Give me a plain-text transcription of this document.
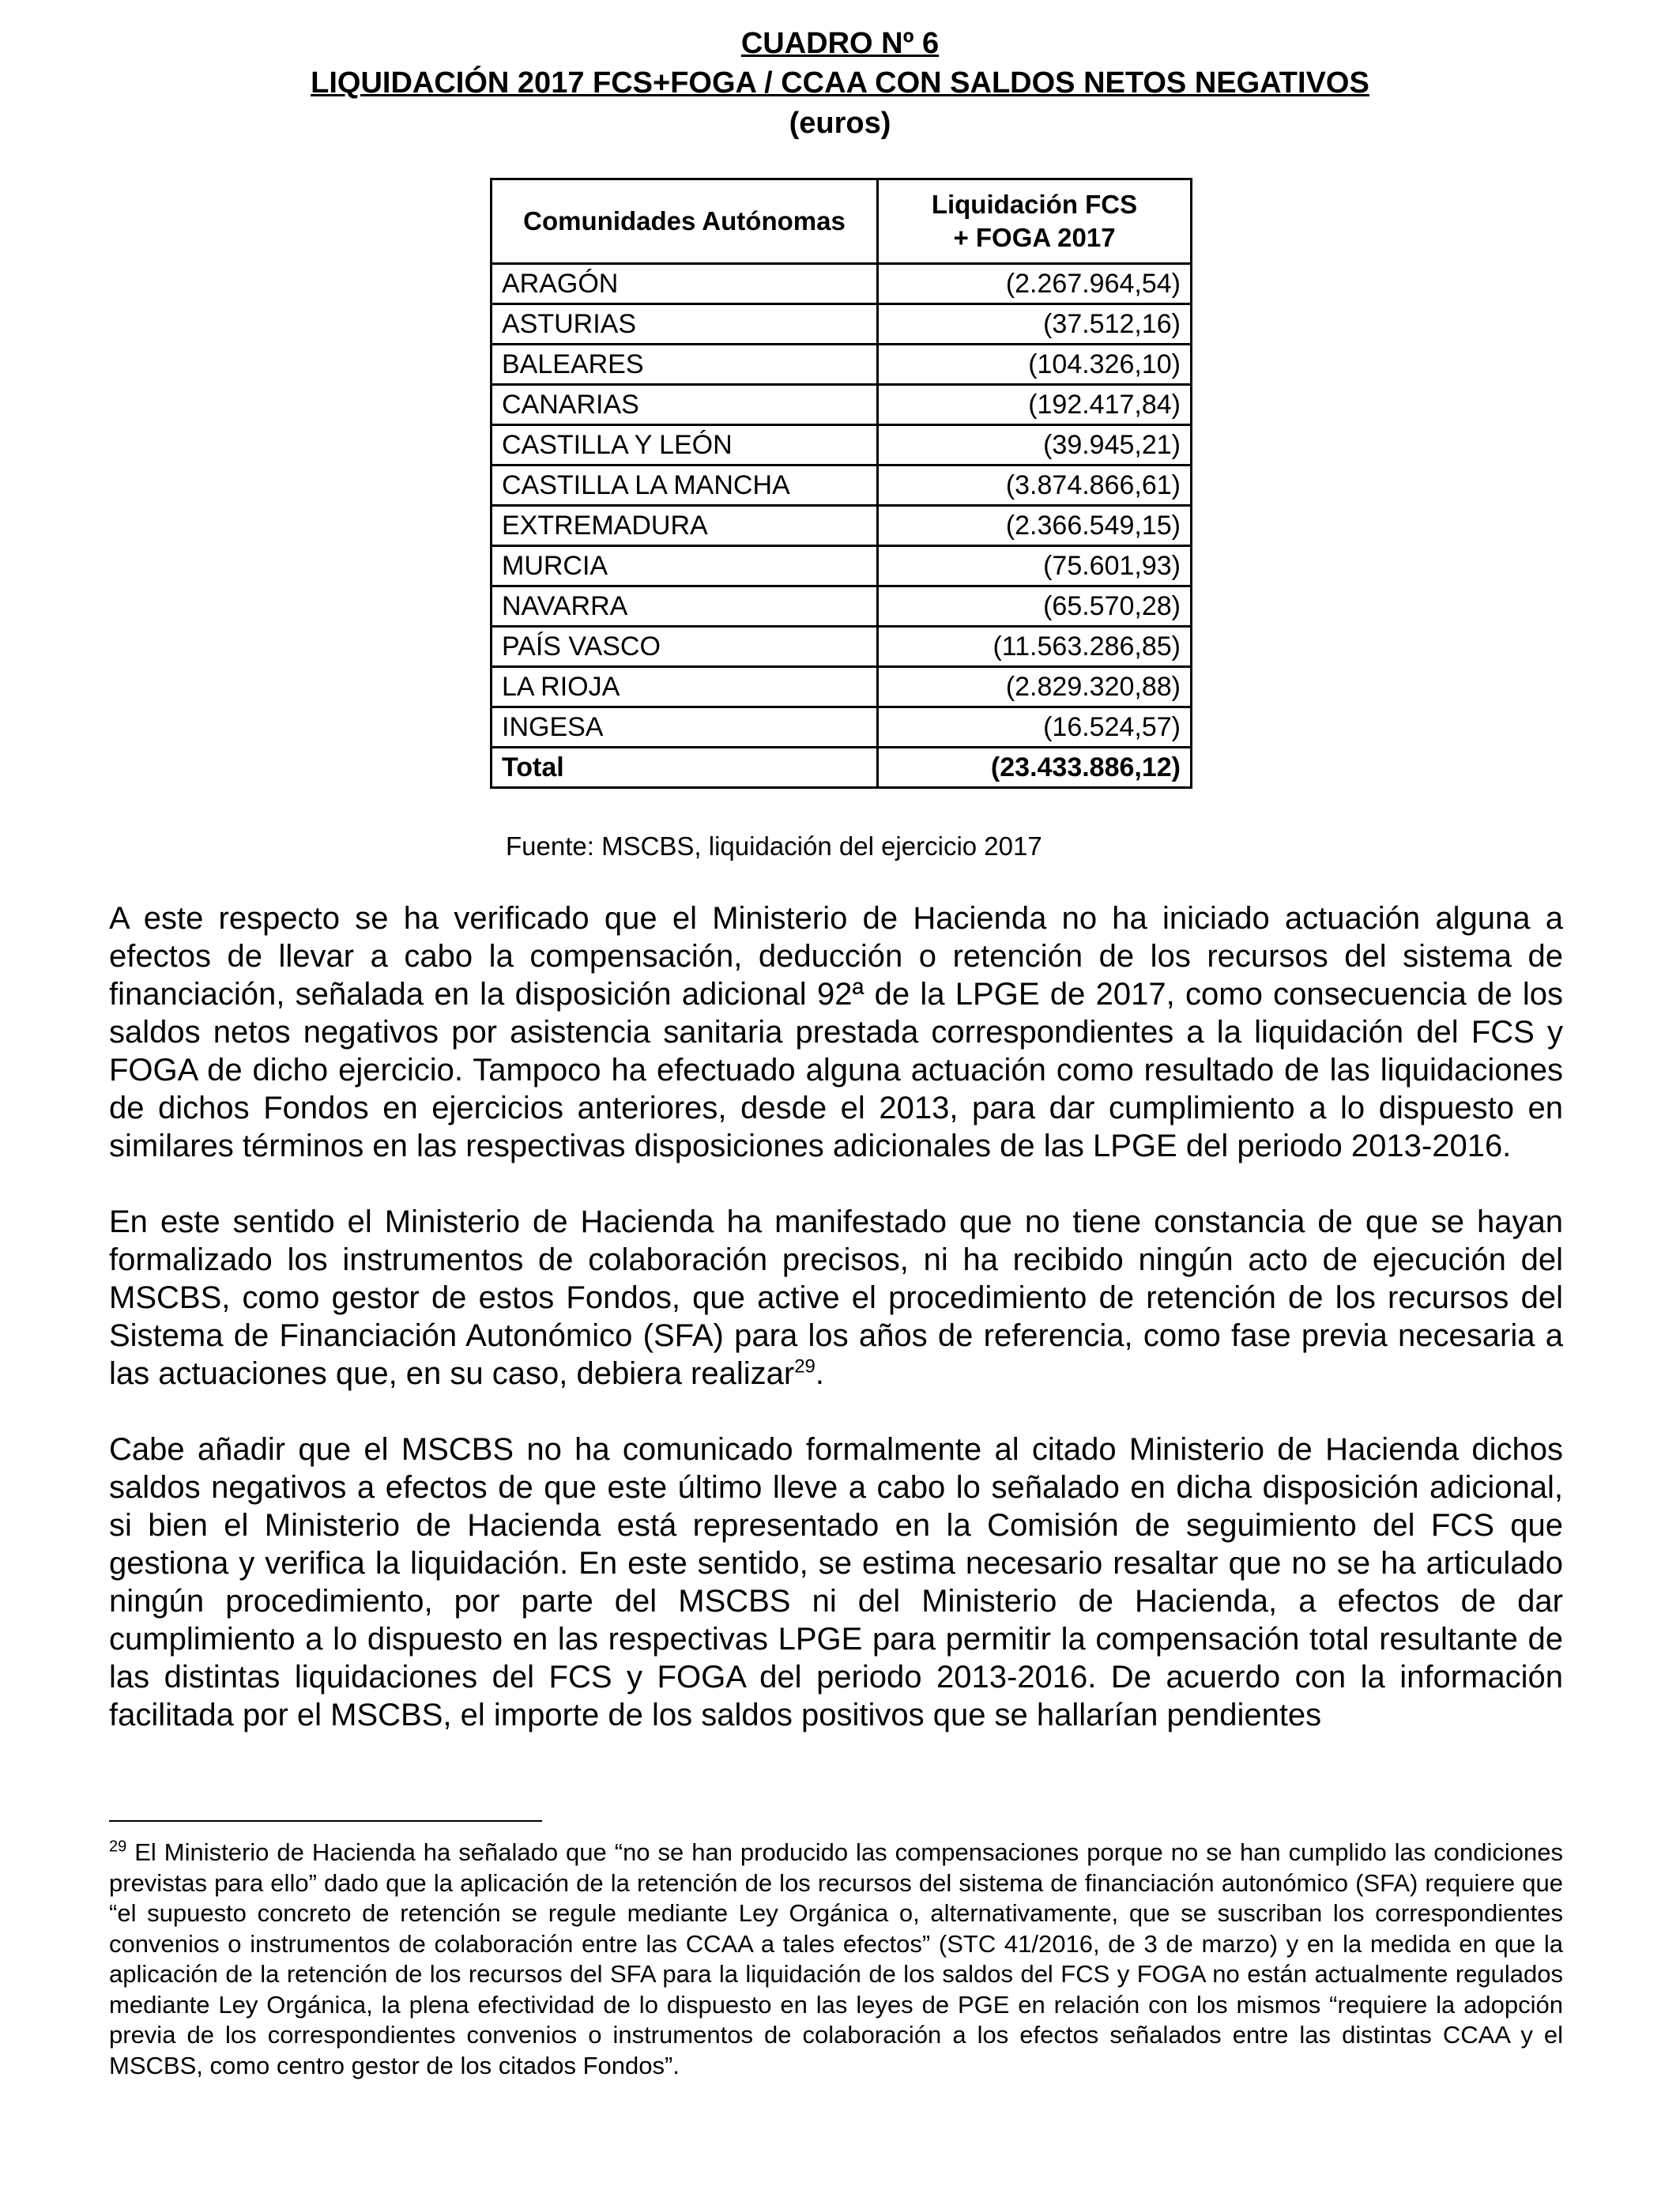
CUADRO Nº 6
LIQUIDACIÓN 2017 FCS+FOGA / CCAA CON SALDOS NETOS NEGATIVOS
(euros)
Comunidades Autónomas	Liquidación FCS
+ FOGA 2017
ARAGÓN	(2.267.964,54)
ASTURIAS	(37.512,16)
BALEARES	(104.326,10)
CANARIAS	(192.417,84)
CASTILLA Y LEÓN	(39.945,21)
CASTILLA LA MANCHA	(3.874.866,61)
EXTREMADURA	(2.366.549,15)
MURCIA	(75.601,93)
NAVARRA	(65.570,28)
PAÍS VASCO	(11.563.286,85)
LA RIOJA	(2.829.320,88)
INGESA	(16.524,57)
Total	(23.433.886,12)
Fuente: MSCBS, liquidación del ejercicio 2017

A este respecto se ha verificado que el Ministerio de Hacienda no ha iniciado actuación alguna a efectos de llevar a cabo la compensación, deducción o retención de los recursos del sistema de financiación, señalada en la disposición adicional 92ª de la LPGE de 2017, como consecuencia de los saldos netos negativos por asistencia sanitaria prestada correspondientes a la liquidación del FCS y FOGA de dicho ejercicio. Tampoco ha efectuado alguna actuación como resultado de las liquidaciones de dichos Fondos en ejercicios anteriores, desde el 2013, para dar cumplimiento a lo dispuesto en similares términos en las respectivas disposiciones adicionales de las LPGE del periodo 2013-2016.

En este sentido el Ministerio de Hacienda ha manifestado que no tiene constancia de que se hayan formalizado los instrumentos de colaboración precisos, ni ha recibido ningún acto de ejecución del MSCBS, como gestor de estos Fondos, que active el procedimiento de retención de los recursos del Sistema de Financiación Autonómico (SFA) para los años de referencia, como fase previa necesaria a las actuaciones que, en su caso, debiera realizar$^{29}$.

Cabe añadir que el MSCBS no ha comunicado formalmente al citado Ministerio de Hacienda dichos saldos negativos a efectos de que este último lleve a cabo lo señalado en dicha disposición adicional, si bien el Ministerio de Hacienda está representado en la Comisión de seguimiento del FCS que gestiona y verifica la liquidación. En este sentido, se estima necesario resaltar que no se ha articulado ningún procedimiento, por parte del MSCBS ni del Ministerio de Hacienda, a efectos de dar cumplimiento a lo dispuesto en las respectivas LPGE para permitir la compensación total resultante de las distintas liquidaciones del FCS y FOGA del periodo 2013-2016. De acuerdo con la información facilitada por el MSCBS, el importe de los saldos positivos que se hallarían pendientes

$^{29}$ El Ministerio de Hacienda ha señalado que “no se han producido las compensaciones porque no se han cumplido las condiciones previstas para ello” dado que la aplicación de la retención de los recursos del sistema de financiación autonómico (SFA) requiere que “el supuesto concreto de retención se regule mediante Ley Orgánica o, alternativamente, que se suscriban los correspondientes convenios o instrumentos de colaboración entre las CCAA a tales efectos” (STC 41/2016, de 3 de marzo) y en la medida en que la aplicación de la retención de los recursos del SFA para la liquidación de los saldos del FCS y FOGA no están actualmente regulados mediante Ley Orgánica, la plena efectividad de lo dispuesto en las leyes de PGE en relación con los mismos “requiere la adopción previa de los correspondientes convenios o instrumentos de colaboración a los efectos señalados entre las distintas CCAA y el MSCBS, como centro gestor de los citados Fondos”.
